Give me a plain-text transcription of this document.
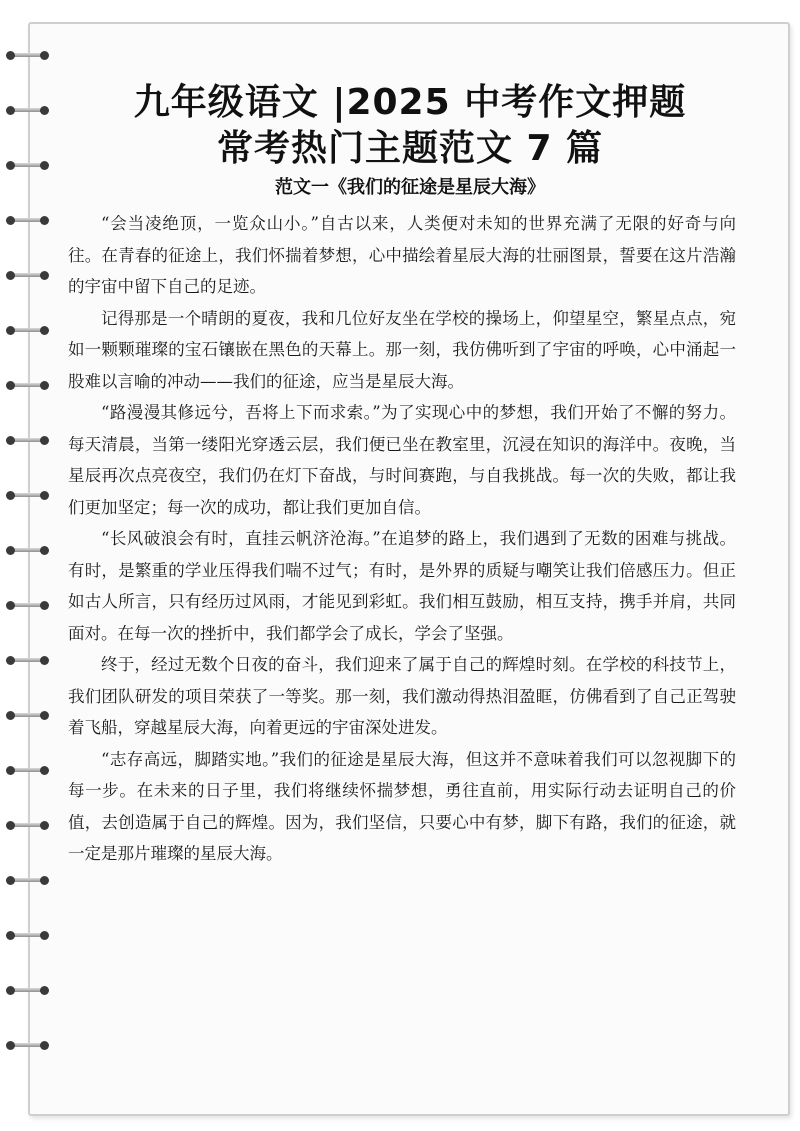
九年级语文 |2025 中考作文押题
常考热门主题范文 7 篇
范文一《我们的征途是星辰大海》

“会当凌绝顶，一览众山小。”自古以来，人类便对未知的世界充满了无限的好奇与向往。在青春的征途上，我们怀揣着梦想，心中描绘着星辰大海的壮丽图景，誓要在这片浩瀚的宇宙中留下自己的足迹。

记得那是一个晴朗的夏夜，我和几位好友坐在学校的操场上，仰望星空，繁星点点，宛如一颗颗璀璨的宝石镶嵌在黑色的天幕上。那一刻，我仿佛听到了宇宙的呼唤，心中涌起一股难以言喻的冲动——我们的征途，应当是星辰大海。

“路漫漫其修远兮，吾将上下而求索。”为了实现心中的梦想，我们开始了不懈的努力。每天清晨，当第一缕阳光穿透云层，我们便已坐在教室里，沉浸在知识的海洋中。夜晚，当星辰再次点亮夜空，我们仍在灯下奋战，与时间赛跑，与自我挑战。每一次的失败，都让我们更加坚定；每一次的成功，都让我们更加自信。

“长风破浪会有时，直挂云帆济沧海。”在追梦的路上，我们遇到了无数的困难与挑战。有时，是繁重的学业压得我们喘不过气；有时，是外界的质疑与嘲笑让我们倍感压力。但正如古人所言，只有经历过风雨，才能见到彩虹。我们相互鼓励，相互支持，携手并肩，共同面对。在每一次的挫折中，我们都学会了成长，学会了坚强。

终于，经过无数个日夜的奋斗，我们迎来了属于自己的辉煌时刻。在学校的科技节上，我们团队研发的项目荣获了一等奖。那一刻，我们激动得热泪盈眶，仿佛看到了自己正驾驶着飞船，穿越星辰大海，向着更远的宇宙深处进发。

“志存高远，脚踏实地。”我们的征途是星辰大海，但这并不意味着我们可以忽视脚下的每一步。在未来的日子里，我们将继续怀揣梦想，勇往直前，用实际行动去证明自己的价值，去创造属于自己的辉煌。因为，我们坚信，只要心中有梦，脚下有路，我们的征途，就一定是那片璀璨的星辰大海。
